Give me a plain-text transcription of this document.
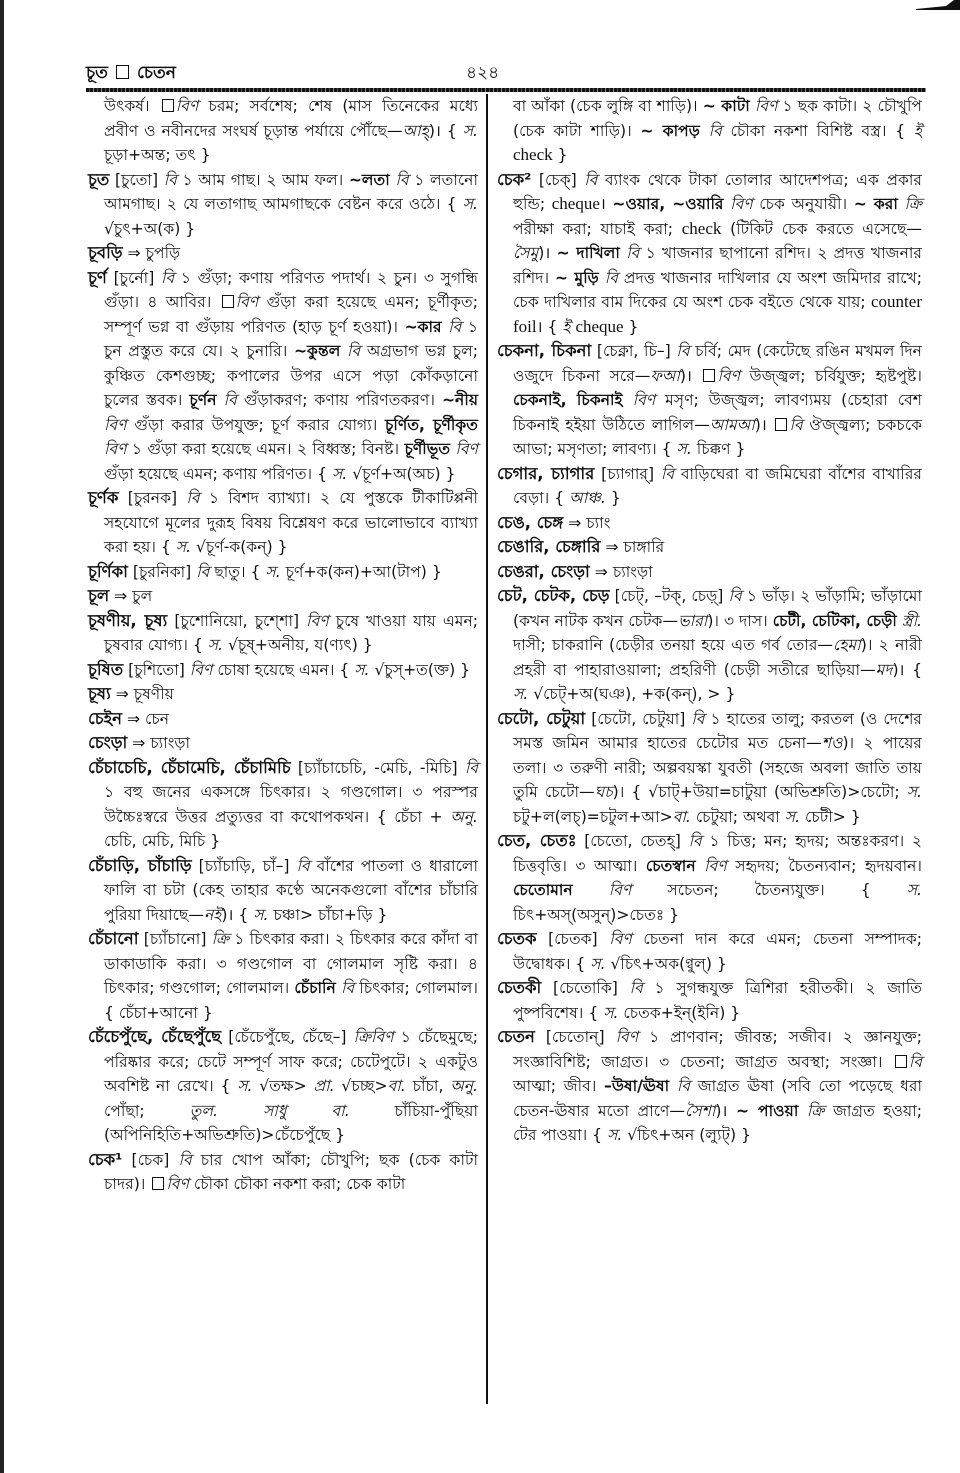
চূত চেতন	৪২৪

উৎকর্ষ। বিণ চরম; সর্বশেষ; শেষ (মাস তিনেকের মধ্যে প্রবীণ ও নবীনদের সংঘর্ষ চূড়ান্ত পর্যায়ে পৌঁছে—আহ্)। { স. চূড়া+অন্ত; তৎ }

চূত [চুতো] বি ১ আম গাছ। ২ আম ফল। ~লতা বি ১ লতানো আমগাছ। ২ যে লতাগাছ আমগাছকে বেষ্টন করে ওঠে। { স. √চুৎ+অ(ক) }

চূবড়ি ⇒ চুপড়ি

চূর্ণ [চুর্নো] বি ১ গুঁড়া; কণায় পরিণত পদার্থ। ২ চুন। ৩ সুগন্ধি গুঁড়া। ৪ আবির। বিণ গুঁড়া করা হয়েছে এমন; চূর্ণীকৃত; সম্পূর্ণ ভগ্ন বা গুঁড়ায় পরিণত (হাড় চূর্ণ হওয়া)। ~কার বি ১ চুন প্রস্তুত করে যে। ২ চুনারি। ~কুন্তল বি অগ্রভাগ ভগ্ন চুল; কুঞ্চিত কেশগুচ্ছ; কপালের উপর এসে পড়া কোঁকড়ানো চুলের স্তবক। চূর্ণন বি গুঁড়াকরণ; কণায় পরিণতকরণ। ~নীয় বিণ গুঁড়া করার উপযুক্ত; চূর্ণ করার যোগ্য। চূর্ণিত, চূর্ণীকৃত বিণ ১ গুঁড়া করা হয়েছে এমন। ২ বিধ্বস্ত; বিনষ্ট। চূর্ণীভূত বিণ গুঁড়া হয়েছে এমন; কণায় পরিণত। { স. √চূর্ণ+অ(অচ) }

চূর্ণক [চুরনক] বি ১ বিশদ ব্যাখ্যা। ২ যে পুস্তকে টীকাটিপ্পনী সহযোগে মূলের দুরূহ বিষয় বিশ্লেষণ করে ভালোভাবে ব্যাখ্যা করা হয়। { স. √চূর্ণ-ক(কন্) }

চূর্ণিকা [চুরনিকা] বি ছাতু। { স. চূর্ণ+ক(কন)+আ(টাপ) }

চূল ⇒ চুল

চূষণীয়, চূষ্য [চুশোনিয়ো, চুশ্শো] বিণ চুষে খাওয়া যায় এমন; চুষবার যোগ্য। { স. √চূষ্+অনীয়, য(ণ্যৎ) }

চূষিত [চুশিতো] বিণ চোষা হয়েছে এমন। { স. √চুস্+ত(ক্ত) }

চূষ্য ⇒ চূষণীয়

চেইন ⇒ চেন

চেংড়া ⇒ চ্যাংড়া

চেঁচাচেচি, চেঁচামেচি, চেঁচামিচি [চ্যাঁচাচেচি, -মেচি, -মিচি] বি ১ বহু জনের একসঙ্গে চিৎকার। ২ গণ্ডগোল। ৩ পরস্পর উচ্চৈঃস্বরে উত্তর প্রত্যুত্তর বা কথোপকথন। { চেঁচা + অনু. চেচি, মেচি, মিচি }

চেঁচাড়ি, চাঁচাড়ি [চ্যাঁচাড়ি, চাঁ–] বি বাঁশের পাতলা ও ধারালো ফালি বা চটা (কেহ তাহার কণ্ঠে অনেকগুলো বাঁশের চাঁচারি পুরিয়া দিয়াছে—নই)। { স. চঞ্চা> চাঁচা+ড়ি }

চেঁচানো [চ্যাঁচানো] ক্রি ১ চিৎকার করা। ২ চিৎকার করে কাঁদা বা ডাকাডাকি করা। ৩ গণ্ডগোল বা গোলমাল সৃষ্টি করা। ৪ চিৎকার; গণ্ডগোল; গোলমাল। চেঁচানি বি চিৎকার; গোলমাল। { চেঁচা+আনো }

চেঁচেপুঁছে, চেঁছেপুঁছে [চেঁচেপুঁছে, চেঁছে–] ক্রিবিণ ১ চেঁছেমুছে; পরিষ্কার করে; চেটে সম্পূর্ণ সাফ করে; চেটেপুটে। ২ একটুও অবশিষ্ট না রেখে। { স. √তক্ষ> প্রা. √চচ্ছ>বা. চাঁচা, অনু. পোঁছা; তুল.	সাধু বা. চাঁচিয়া-পুঁছিয়া (অপিনিহিতি+অভিশ্রুতি)>চেঁচেপুঁছে }

চেক¹ [চেক] বি চার খোপ আঁকা; চৌখুপি; ছক (চেক কাটা চাদর)। বিণ চৌকা চৌকা নকশা করা; চেক কাটা

বা আঁকা (চেক লুঙ্গি বা শাড়ি)। ~ কাটা বিণ ১ ছক কাটা। ২ চৌখুপি (চেক কাটা শাড়ি)। ~ কাপড় বি চৌকা নকশা বিশিষ্ট বস্ত্র। { ই check }

চেক² [চেক্] বি ব্যাংক থেকে টাকা তোলার আদেশপত্র; এক প্রকার হুন্ডি; cheque। ~ওয়ার, ~ওয়ারি বিণ চেক অনুযায়ী। ~ করা ক্রি পরীক্ষা করা; যাচাই করা; check (টিকিট চেক করতে এসেছে—সৈমু)। ~ দাখিলা বি ১ খাজনার ছাপানো রশিদ। ২ প্রদত্ত খাজনার রশিদ। ~ মুড়ি বি প্রদত্ত খাজনার দাখিলার যে অংশ জমিদার রাখে; চেক দাখিলার বাম দিকের যে অংশ চেক বইতে থেকে যায়; counter foil। { ই cheque }

চেকনা, চিকনা [চেক্না, চি–] বি চর্বি; মেদ (কেটেছে রঙিন মখমল দিন ওজুদে চিকনা সরে—ফআ)। বিণ উজ্জ্বল; চর্বিযুক্ত; হৃষ্টপুষ্ট। চেকনাই, চিকনাই বিণ মসৃণ; উজ্জ্বল; লাবণ্যময় (চেহারা বেশ চিকনাই হইয়া উঠিতে লাগিল—আমআ)। বি ঔজ্জ্বল্য; চকচকে আভা; মসৃণতা; লাবণ্য। { স. চিক্কণ }

চেগার, চ্যাগার [চ্যাগার্] বি বাড়িঘেরা বা জমিঘেরা বাঁশের বাখারির বেড়া। { আঞ্চ. }

চেঙ, চেঙ্গ ⇒ চ্যাং

চেঙারি, চেঙ্গারি ⇒ চাঙ্গারি

চেঙরা, চেংড়া ⇒ চ্যাংড়া

চেট, চেটক, চেড় [চেট্, –টক্, চেড়্] বি ১ ভাঁড়। ২ ভাঁড়ামি; ভাঁড়ামো (কখন নাটক কখন চেটক—ভারা)। ৩ দাস। চেটী, চেটিকা, চেড়ী স্ত্রী. দাসী; চাকরানি (চেড়ীর তনয়া হয়ে এত গর্ব তোর—হেমা)। ২ নারী প্রহরী বা পাহারাওয়ালা; প্রহরিণী (চেড়ী সতীরে ছাড়িয়া—মদ)। { স. √চেট্+অ(ঘঞ), +ক(কন্), > }

চেটো, চেটুয়া [চেটো, চেটুয়া] বি ১ হাতের তালু; করতল (ও দেশের সমস্ত জমিন আমার হাতের চেটোর মত চেনা—শও)। ২ পায়ের তলা। ৩ তরুণী নারী; অল্পবয়স্কা যুবতী (সহজে অবলা জাতি তায় তুমি চেটো—ঘচ)। { √চাট্+উয়া=চাটুয়া (অভিশ্রুতি)>চেটো; স. চটু+ল(লচ্)=চটুল+আ>বা. চেটুয়া; অথবা স. চেটী> }

চেত, চেতঃ [চেতো, চেতহ্] বি ১ চিত্ত; মন; হৃদয়; অন্তঃকরণ। ২ চিত্তবৃত্তি। ৩ আত্মা। চেতস্বান বিণ সহৃদয়; চৈতন্যবান; হৃদয়বান। চেতোমান বিণ সচেতন; চৈতন্যযুক্ত। { স. চিৎ+অস্(অসুন্)>চেতঃ }

চেতক [চেতক] বিণ চেতনা দান করে এমন; চেতনা সম্পাদক; উদ্বোধক। { স. √চিৎ+অক(ণ্বুল্) }

চেতকী [চেতোকি] বি ১ সুগন্ধযুক্ত ত্রিশিরা হরীতকী। ২ জাতি পুষ্পবিশেষ। { স. চেতক+ইন্(ইনি) }

চেতন [চেতোন্] বিণ ১ প্রাণবান; জীবন্ত; সজীব। ২ জ্ঞানযুক্ত; সংজ্ঞাবিশিষ্ট; জাগ্রত। ৩ চেতনা; জাগ্রত অবস্থা; সংজ্ঞা। বি আত্মা; জীব। –উষা/ঊষা বি জাগ্রত ঊষা (সবি তো পড়েছে ধরা চেতন-ঊষার মতো প্রাণে—সৈশা)। ~ পাওয়া ক্রি জাগ্রত হওয়া; টের পাওয়া। { স. √চিৎ+অন (ল্যুট্) }
